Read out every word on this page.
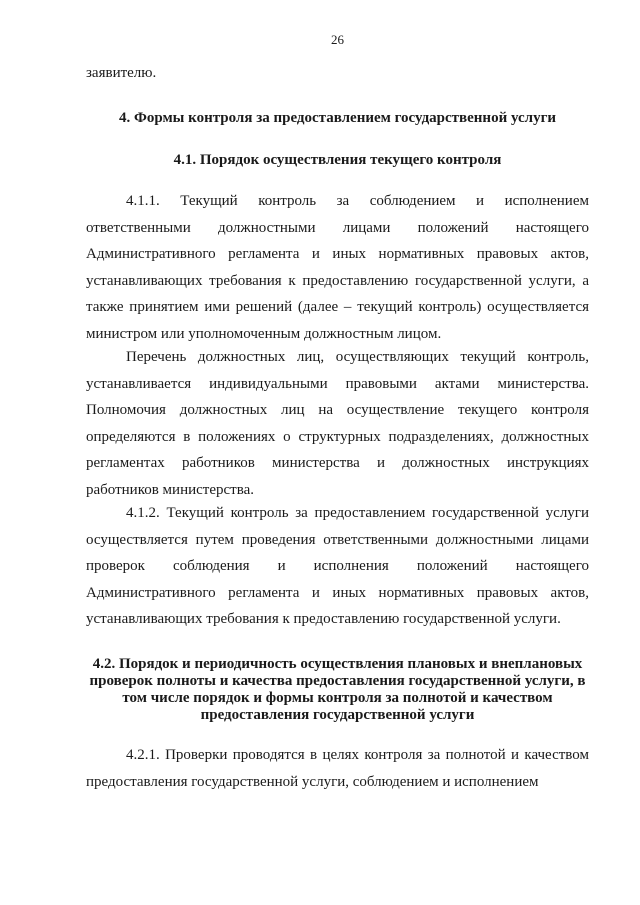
26
заявителю.
4. Формы контроля за предоставлением государственной услуги
4.1. Порядок осуществления текущего контроля
4.1.1. Текущий контроль за соблюдением и исполнением ответственными должностными лицами положений настоящего Административного регламента и иных нормативных правовых актов, устанавливающих требования к предоставлению государственной услуги, а также принятием ими решений (далее – текущий контроль) осуществляется министром или уполномоченным должностным лицом.
Перечень должностных лиц, осуществляющих текущий контроль, устанавливается индивидуальными правовыми актами министерства. Полномочия должностных лиц на осуществление текущего контроля определяются в положениях о структурных подразделениях, должностных регламентах работников министерства и должностных инструкциях работников министерства.
4.1.2. Текущий контроль за предоставлением государственной услуги осуществляется путем проведения ответственными должностными лицами проверок соблюдения и исполнения положений настоящего Административного регламента и иных нормативных правовых актов, устанавливающих требования к предоставлению государственной услуги.
4.2. Порядок и периодичность осуществления плановых и внеплановых проверок полноты и качества предоставления государственной услуги, в том числе порядок и формы контроля за полнотой и качеством предоставления государственной услуги
4.2.1. Проверки проводятся в целях контроля за полнотой и качеством предоставления государственной услуги, соблюдением и исполнением
